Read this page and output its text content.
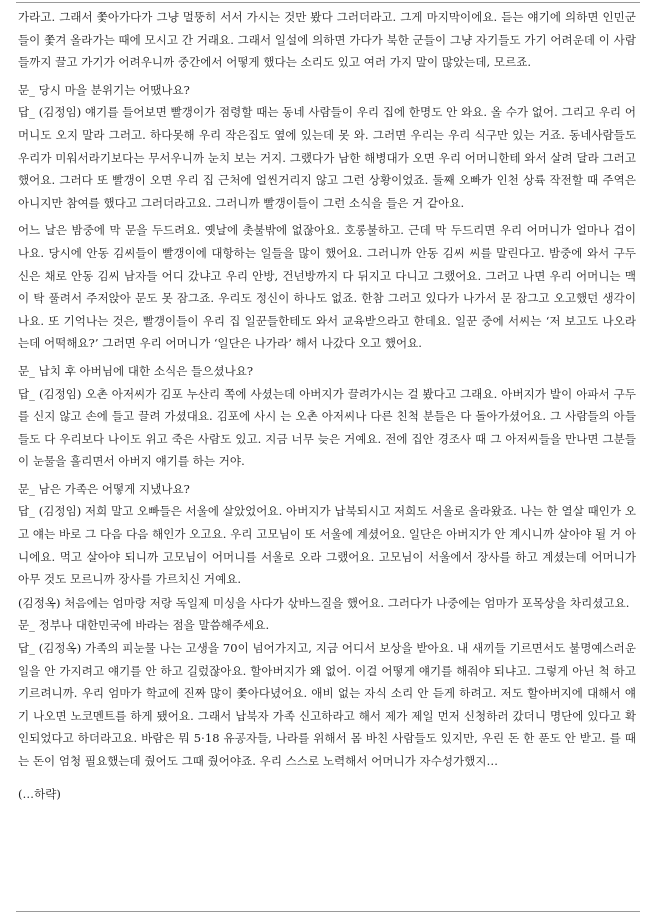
가라고. 그래서 쫓아가다가 그냥 멀뚱히 서서 가시는 것만 봤다 그러더라고. 그게 마지막이에요. 듣는 얘기에 의하면 인민군들이 쫓겨 올라가는 때에 모시고 간 거래요. 그래서 일설에 의하면 가다가 북한 군들이 그냥 자기들도 가기 어려운데 이 사람들까지 끌고 가기가 어려우니까 중간에서 어떻게 했다는 소리도 있고 여러 가지 말이 많았는데, 모르죠.

문_ 당시 마을 분위기는 어땠나요?

답_ (김정임) 얘기를 들어보면 빨갱이가 점령할 때는 동네 사람들이 우리 집에 한명도 안 와요. 올 수가 없어. 그리고 우리 어머니도 오지 말라 그러고. 하다못해 우리 작은집도 옆에 있는데 못 와. 그러면 우리는 우리 식구만 있는 거죠. 동네사람들도 우리가 미워서라기보다는 무서우니까 눈치 보는 거지. 그랬다가 남한 해병대가 오면 우리 어머니한테 와서 살려 달라 그러고 했어요. 그러다 또 빨갱이 오면 우리 집 근처에 얼씬거리지 않고 그런 상황이었죠. 둘째 오빠가 인천 상륙 작전할 때 주역은 아니지만 참여를 했다고 그러더라고요. 그러니까 빨갱이들이 그런 소식을 들은 거 같아요.

어느 날은 밤중에 막 문을 두드려요. 옛날에 촛불밖에 없잖아요. 호롱불하고. 근데 막 두드리면 우리 어머니가 얼마나 겁이 나요. 당시에 안동 김씨들이 빨갱이에 대항하는 일들을 많이 했어요. 그러니까 안동 김씨 씨를 말린다고. 밤중에 와서 구두 신은 채로 안동 김씨 남자들 어디 갔냐고 우리 안방, 건넌방까지 다 뒤지고 다니고 그랬어요. 그러고 나면 우리 어머니는 맥이 탁 풀려서 주저앉아 문도 못 잠그죠. 우리도 정신이 하나도 없죠. 한참 그러고 있다가 나가서 문 잠그고 오고했던 생각이 나요. 또 기억나는 것은, 빨갱이들이 우리 집 일꾼들한테도 와서 교육받으라고 한데요. 일꾼 중에 서씨는 ‘저 보고도 나오라는데 어떡해요?’ 그러면 우리 어머니가 ‘일단은 나가라’ 해서 나갔다 오고 했어요.

문_ 납치 후 아버님에 대한 소식은 들으셨나요?

답_ (김정임) 오촌 아저씨가 김포 누산리 쪽에 사셨는데 아버지가 끌려가시는 걸 봤다고 그래요. 아버지가 발이 아파서 구두를 신지 않고 손에 들고 끌려 가셨대요. 김포에 사시 는 오촌 아저씨나 다른 친척 분들은 다 돌아가셨어요. 그 사람들의 아들들도 다 우리보다 나이도 위고 죽은 사람도 있고. 지금 너무 늦은 거예요. 전에 집안 경조사 때 그 아저씨들을 만나면 그분들이 눈물을 흘리면서 아버지 얘기를 하는 거야.

문_ 남은 가족은 어떻게 지냈나요?

답_ (김정임) 저희 말고 오빠들은 서울에 살았었어요. 아버지가 납북되시고 저희도 서울로 올라왔죠. 나는 한 열살 때인가 오고 얘는 바로 그 다음 다음 해인가 오고요. 우리 고모님이 또 서울에 계셨어요. 일단은 아버지가 안 계시니까 살아야 될 거 아니에요. 먹고 살아야 되니까 고모님이 어머니를 서울로 오라 그랬어요. 고모님이 서울에서 장사를 하고 계셨는데 어머니가 아무 것도 모르니까 장사를 가르치신 거예요.

(김정옥) 처음에는 엄마랑 저랑 독일제 미싱을 사다가 삯바느질을 했어요. 그러다가 나중에는 엄마가 포목상을 차리셨고요.

문_ 정부나 대한민국에 바라는 점을 말씀해주세요.

답_ (김정옥) 가족의 피눈물 나는 고생을 70이 넘어가지고, 지금 어디서 보상을 받아요. 내 새끼들 기르면서도 불명예스러운 일을 안 가지려고 얘기를 안 하고 길렀잖아요. 할아버지가 왜 없어. 이걸 어떻게 얘기를 해줘야 되냐고. 그렇게 아닌 척 하고 기르려니까. 우리 엄마가 학교에 진짜 많이 쫓아다녔어요. 애비 없는 자식 소리 안 듣게 하려고. 저도 할아버지에 대해서 얘기 나오면 노코멘트를 하게 됐어요. 그래서 납북자 가족 신고하라고 해서 제가 제일 먼저 신청하러 갔더니 명단에 있다고 확인되었다고 하더라고요. 바람은 뭐 5·18 유공자들, 나라를 위해서 몸 바친 사람들도 있지만, 우린 돈 한 푼도 안 받고. 를 때는 돈이 엄청 필요했는데 줬어도 그때 줬어야죠. 우리 스스로 노력해서 어머니가 자수성가했지…

(…하략)
